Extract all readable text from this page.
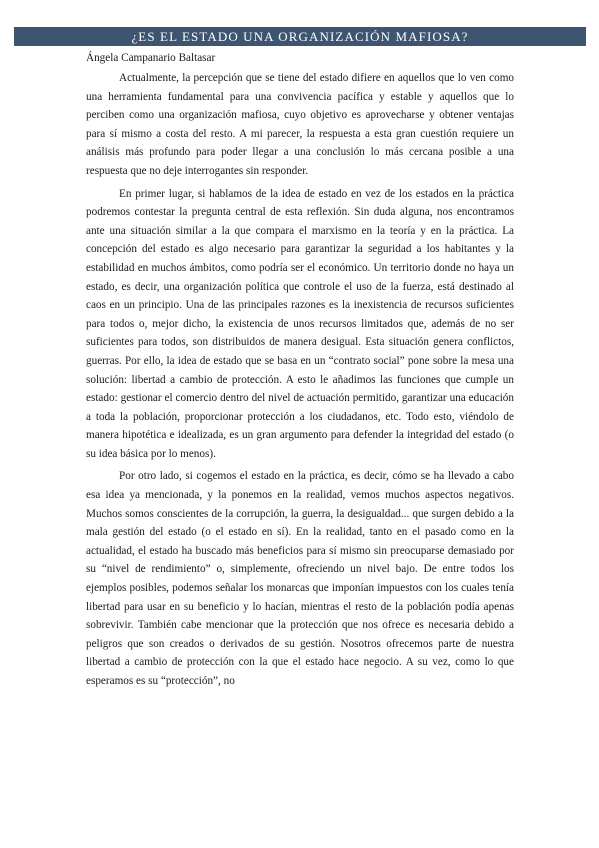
¿ES EL ESTADO UNA ORGANIZACIÓN MAFIOSA?
Ángela Campanario Baltasar

Actualmente, la percepción que se tiene del estado difiere en aquellos que lo ven como una herramienta fundamental para una convivencia pacífica y estable y aquellos que lo perciben como una organización mafiosa, cuyo objetivo es aprovecharse y obtener ventajas para sí mismo a costa del resto. A mi parecer, la respuesta a esta gran cuestión requiere un análisis más profundo para poder llegar a una conclusión lo más cercana posible a una respuesta que no deje interrogantes sin responder.

En primer lugar, si hablamos de la idea de estado en vez de los estados en la práctica podremos contestar la pregunta central de esta reflexión. Sin duda alguna, nos encontramos ante una situación similar a la que compara el marxismo en la teoría y en la práctica. La concepción del estado es algo necesario para garantizar la seguridad a los habitantes y la estabilidad en muchos ámbitos, como podría ser el económico. Un territorio donde no haya un estado, es decir, una organización política que controle el uso de la fuerza, está destinado al caos en un principio. Una de las principales razones es la inexistencia de recursos suficientes para todos o, mejor dicho, la existencia de unos recursos limitados que, además de no ser suficientes para todos, son distribuidos de manera desigual. Esta situación genera conflictos, guerras. Por ello, la idea de estado que se basa en un “contrato social” pone sobre la mesa una solución: libertad a cambio de protección. A esto le añadimos las funciones que cumple un estado: gestionar el comercio dentro del nivel de actuación permitido, garantizar una educación a toda la población, proporcionar protección a los ciudadanos, etc. Todo esto, viéndolo de manera hipotética e idealizada, es un gran argumento para defender la integridad del estado (o su idea básica por lo menos).

Por otro lado, si cogemos el estado en la práctica, es decir, cómo se ha llevado a cabo esa idea ya mencionada, y la ponemos en la realidad, vemos muchos aspectos negativos. Muchos somos conscientes de la corrupción, la guerra, la desigualdad... que surgen debido a la mala gestión del estado (o el estado en sí). En la realidad, tanto en el pasado como en la actualidad, el estado ha buscado más beneficios para sí mismo sin preocuparse demasiado por su “nivel de rendimiento” o, simplemente, ofreciendo un nivel bajo. De entre todos los ejemplos posibles, podemos señalar los monarcas que imponían impuestos con los cuales tenía libertad para usar en su beneficio y lo hacían, mientras el resto de la población podía apenas sobrevivir. También cabe mencionar que la protección que nos ofrece es necesaria debido a peligros que son creados o derivados de su gestión. Nosotros ofrecemos parte de nuestra libertad a cambio de protección con la que el estado hace negocio. A su vez, como lo que esperamos es su “protección”, no
